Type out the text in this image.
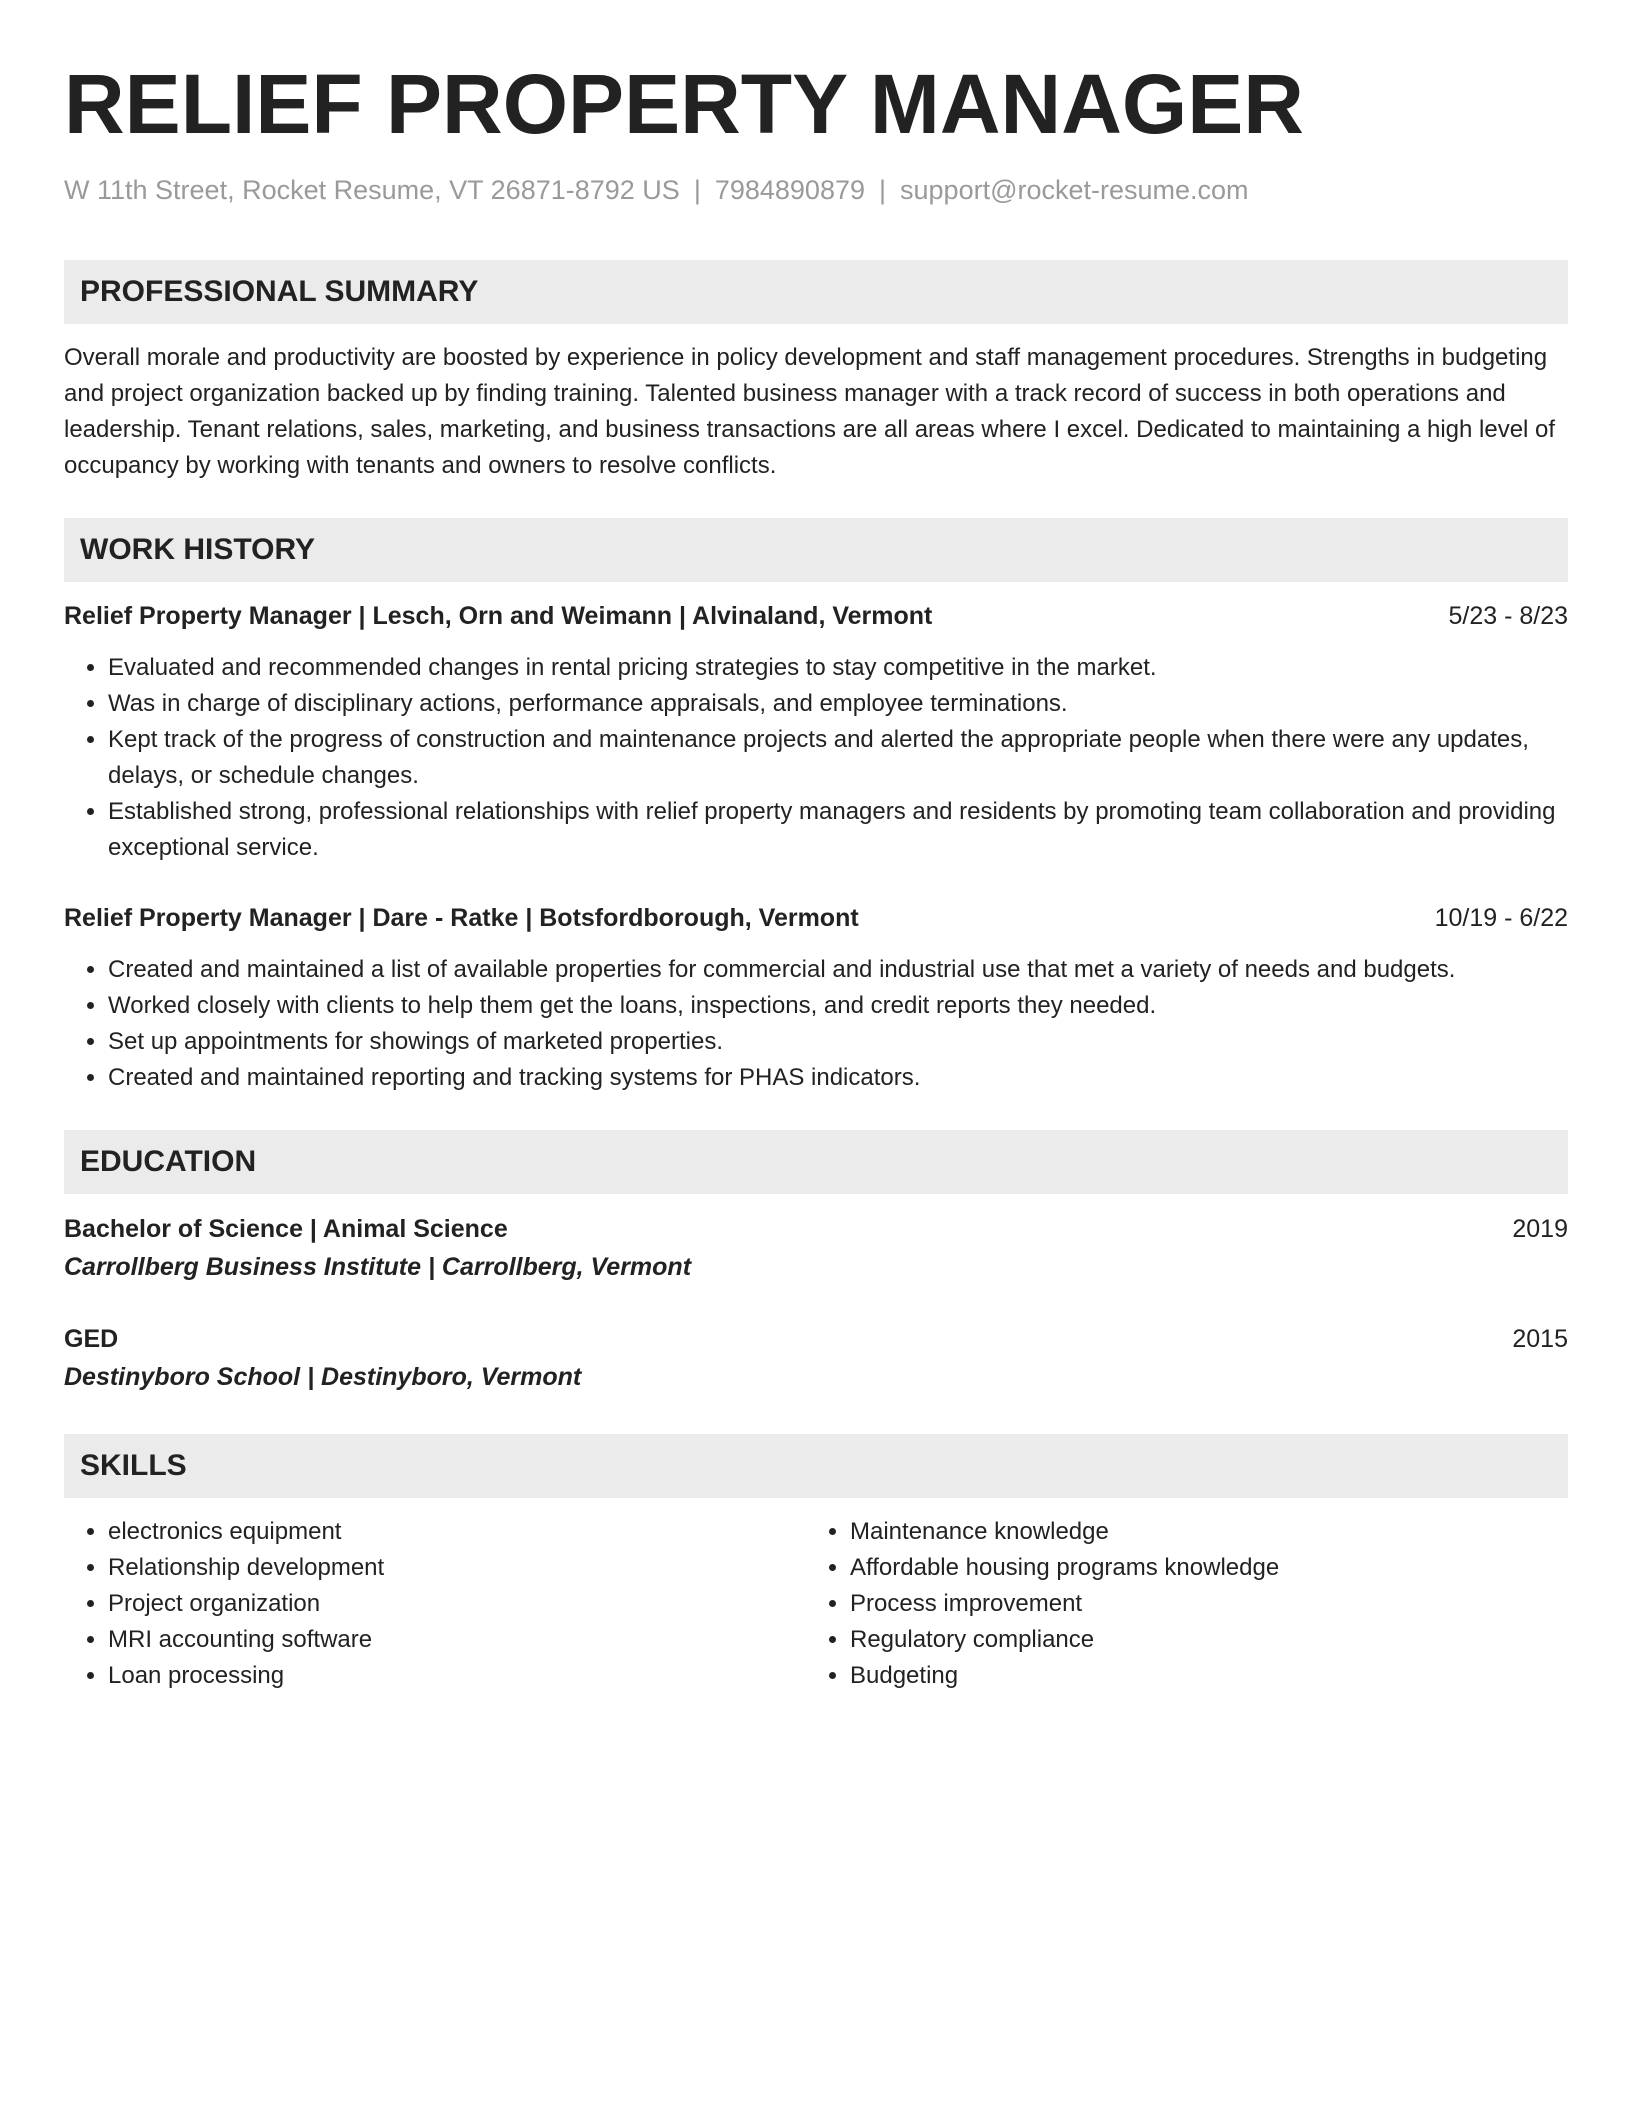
RELIEF PROPERTY MANAGER
W 11th Street, Rocket Resume, VT 26871-8792 US | 7984890879 | support@rocket-resume.com
PROFESSIONAL SUMMARY
Overall morale and productivity are boosted by experience in policy development and staff management procedures. Strengths in budgeting and project organization backed up by finding training. Talented business manager with a track record of success in both operations and leadership. Tenant relations, sales, marketing, and business transactions are all areas where I excel. Dedicated to maintaining a high level of occupancy by working with tenants and owners to resolve conflicts.
WORK HISTORY
Relief Property Manager | Lesch, Orn and Weimann | Alvinaland, Vermont	5/23 - 8/23
• Evaluated and recommended changes in rental pricing strategies to stay competitive in the market.
• Was in charge of disciplinary actions, performance appraisals, and employee terminations.
• Kept track of the progress of construction and maintenance projects and alerted the appropriate people when there were any updates, delays, or schedule changes.
• Established strong, professional relationships with relief property managers and residents by promoting team collaboration and providing exceptional service.
Relief Property Manager | Dare - Ratke | Botsfordborough, Vermont	10/19 - 6/22
• Created and maintained a list of available properties for commercial and industrial use that met a variety of needs and budgets.
• Worked closely with clients to help them get the loans, inspections, and credit reports they needed.
• Set up appointments for showings of marketed properties.
• Created and maintained reporting and tracking systems for PHAS indicators.
EDUCATION
Bachelor of Science | Animal Science	2019
Carrollberg Business Institute | Carrollberg, Vermont
GED	2015
Destinyboro School | Destinyboro, Vermont
SKILLS
• electronics equipment
• Relationship development
• Project organization
• MRI accounting software
• Loan processing
• Maintenance knowledge
• Affordable housing programs knowledge
• Process improvement
• Regulatory compliance
• Budgeting
